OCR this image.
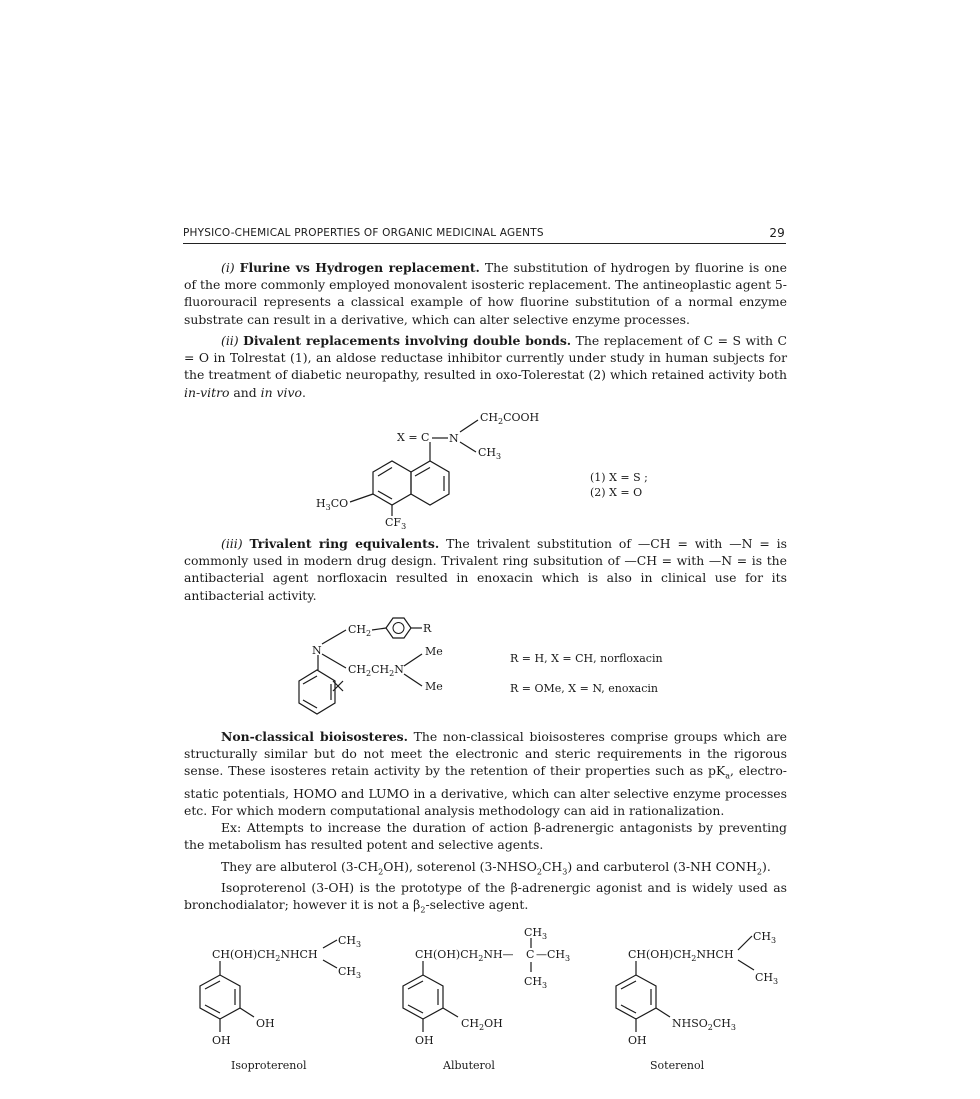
PHYSICO-CHEMICAL PROPERTIES OF ORGANIC MEDICINAL AGENTS	29

(i) Flurine vs Hydrogen replacement. The substitution of hydrogen by fluorine is one of the more commonly employed monovalent isosteric replacement. The antineoplastic agent 5-fluorouracil represents a classical example of how fluorine substitution of a normal enzyme substrate can result in a derivative, which can alter selective enzyme processes.

(ii) Divalent replacements involving double bonds. The replacement of C = S with C = O in Tolrestat (1), an aldose reductase inhibitor currently under study in human subjects for the treatment of diabetic neuropathy, resulted in oxo-Tolerestat (2) which retained activity both in-vitro and in vivo.

X = C N
$CH_2COOH$
$CH_3$
$H_3CO$
$CF_3$
(1) X = S ;
(2) X = O

(iii) Trivalent ring equivalents. The trivalent substitution of —CH = with —N = is commonly used in modern drug design. Trivalent ring subsitution of —CH = with —N = is the antibacterial agent norfloxacin resulted in enoxacin which is also in clinical use for its antibacterial activity.

$CH_2$	R
N	Me
Me
$CH_2CH_2N$
R = H, X = CH, norfloxacin
R = OMe, X = N, enoxacin

Non-classical bioisosteres. The non-classical bioisosteres comprise groups which are structurally similar but do not meet the electronic and steric requirements in the rigorous sense. These isosteres retain activity by the retention of their properties such as $pK_a$, electro-static potentials, HOMO and LUMO in a derivative, which can alter selective enzyme processes etc. For which modern computational analysis methodology can aid in rationalization.

Ex: Attempts to increase the duration of action β-adrenergic antagonists by preventing the metabolism has resulted potent and selective agents.

They are albuterol $(3-CH_2OH)$, soterenol $(3-NHSO_2CH_3)$ and carbuterol (3-NH $CONH_2$).

Isoproterenol (3-OH) is the prototype of the β-adrenergic agonist and is widely used as bronchodialator; however it is not a $\beta_2$-selective agent.

$CH(OH)CH_2NHCH$
$CH_3$
$CH_3$
OH
OH
Isoproterenol
$CH(OH)CH_2NH—$ C
$CH_3$
$—CH_3$
$CH_3$
$CH_2OH$
OH
Albuterol
$CH(OH)CH_2NHCH$
$CH_3$
$CH_3$
$NHSO_2CH_3$
OH
Soterenol
